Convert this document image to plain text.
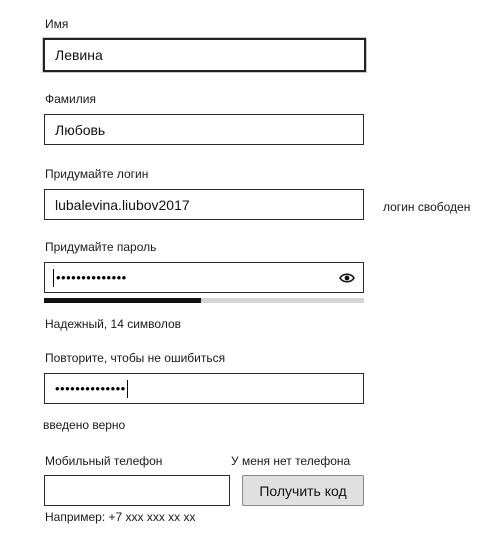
Имя
Левина
Фамилия
Любовь
Придумайте логин
lubalevina.liubov2017	логин свободен
Придумайте пароль
••••••••••••••
Надежный, 14 символов
Повторите, чтобы не ошибиться
••••••••••••••
введено верно
Мобильный телефон	У меня нет телефона
Получить код
Например: +7 xxx xxx xx xx
